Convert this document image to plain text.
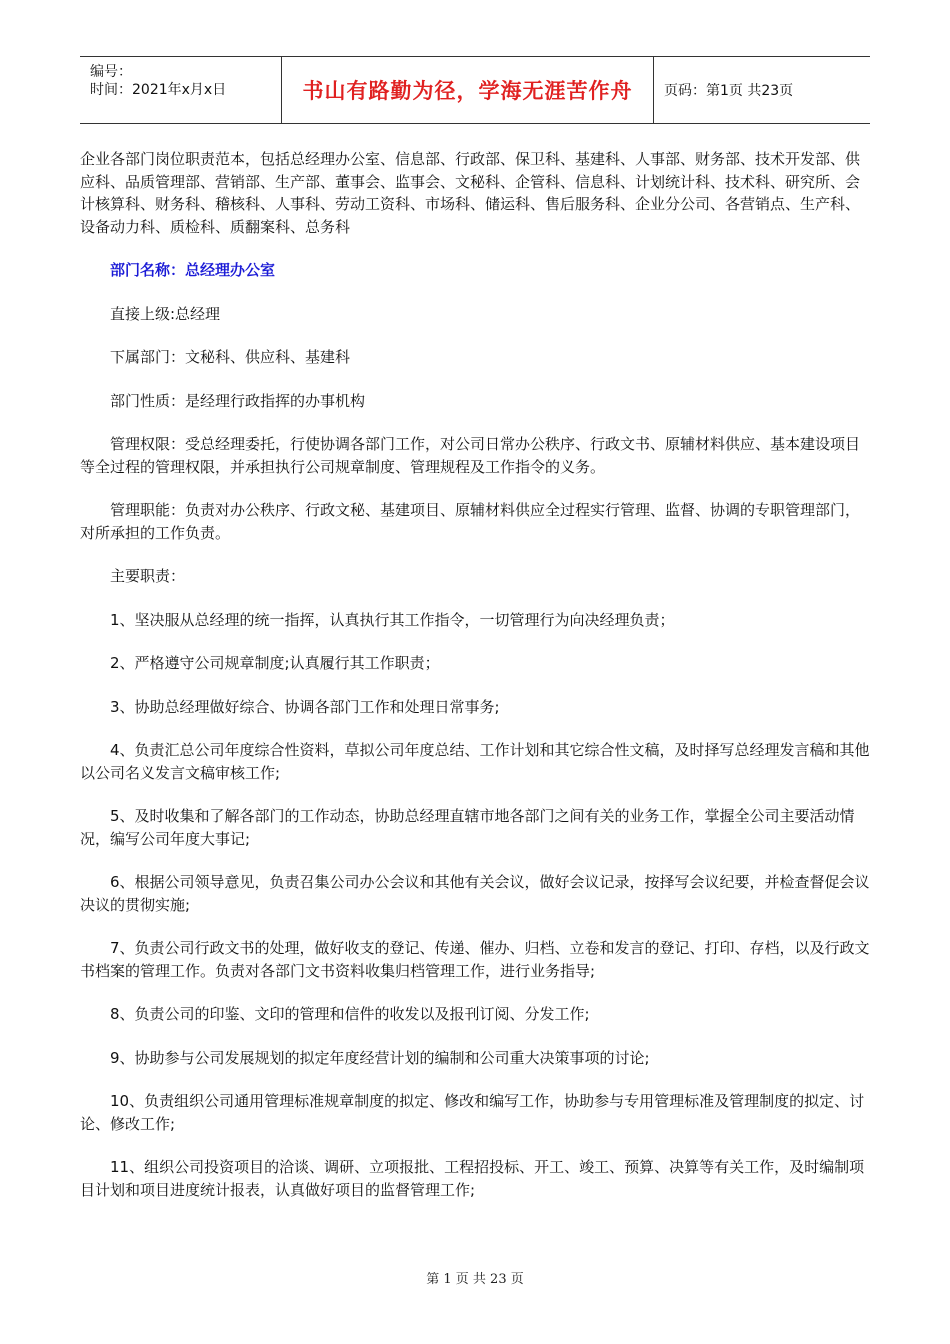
编号：
时间：2021年x月x日	书山有路勤为径，学海无涯苦作舟	页码：第1页 共23页

企业各部门岗位职责范本，包括总经理办公室、信息部、行政部、保卫科、基建科、人事部、财务部、技术开发部、供应科、品质管理部、营销部、生产部、董事会、监事会、文秘科、企管科、信息科、计划统计科、技术科、研究所、会计核算科、财务科、稽核科、人事科、劳动工资科、市场科、储运科、售后服务科、企业分公司、各营销点、生产科、设备动力科、质检科、质翻案科、总务科

部门名称：总经理办公室

直接上级:总经理

下属部门：文秘科、供应科、基建科

部门性质：是经理行政指挥的办事机构

管理权限：受总经理委托，行使协调各部门工作，对公司日常办公秩序、行政文书、原辅材料供应、基本建设项目等全过程的管理权限，并承担执行公司规章制度、管理规程及工作指令的义务。

管理职能：负责对办公秩序、行政文秘、基建项目、原辅材料供应全过程实行管理、监督、协调的专职管理部门，对所承担的工作负责。

主要职责：

1、坚决服从总经理的统一指挥，认真执行其工作指令，一切管理行为向决经理负责；

2、严格遵守公司规章制度;认真履行其工作职责；

3、协助总经理做好综合、协调各部门工作和处理日常事务;

4、负责汇总公司年度综合性资料，草拟公司年度总结、工作计划和其它综合性文稿，及时择写总经理发言稿和其他以公司名义发言文稿审核工作;

5、及时收集和了解各部门的工作动态，协助总经理直辖市地各部门之间有关的业务工作，掌握全公司主要活动情况，编写公司年度大事记;

6、根据公司领导意见，负责召集公司办公会议和其他有关会议，做好会议记录，按择写会议纪要，并检查督促会议决议的贯彻实施;

7、负责公司行政文书的处理，做好收支的登记、传递、催办、归档、立卷和发言的登记、打印、存档，以及行政文书档案的管理工作。负责对各部门文书资料收集归档管理工作，进行业务指导;

8、负责公司的印鉴、文印的管理和信件的收发以及报刊订阅、分发工作;

9、协助参与公司发展规划的拟定年度经营计划的编制和公司重大决策事项的讨论;

10、负责组织公司通用管理标准规章制度的拟定、修改和编写工作，协助参与专用管理标准及管理制度的拟定、讨论、修改工作;

11、组织公司投资项目的洽谈、调研、立项报批、工程招投标、开工、竣工、预算、决算等有关工作，及时编制项目计划和项目进度统计报表，认真做好项目的监督管理工作;

第 1 页 共 23 页
